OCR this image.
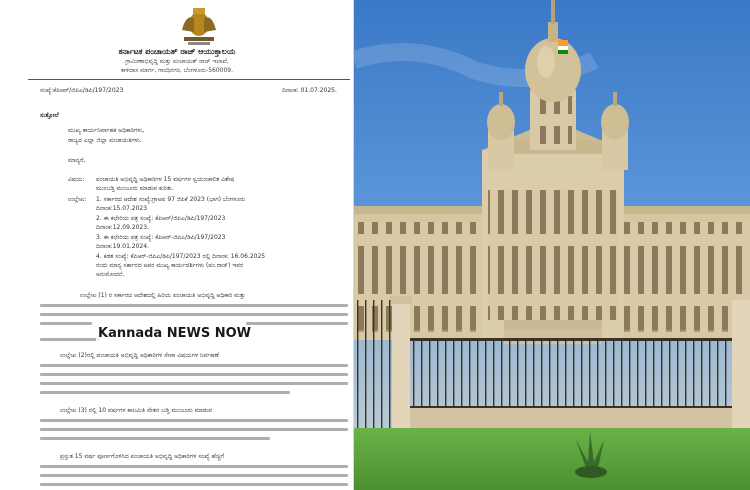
ಕರ್ನಾಟಕ ಪಂಚಾಯತ್ ರಾಜ್ ಆಯುಕ್ತಾಲಯ
ಗ್ರಾಮೀಣಾಭಿವೃದ್ಧಿ ಮತ್ತು ಪಂಚಾಯತ್ ರಾಜ್ ಇಲಾಖೆ,
ಕಾಳಿದಾಸ ಮಾರ್ಗ, ಗಾಂಧಿನಗರ, ಬೆಂಗಳೂರು-560009.
ಸಂಖ್ಯೆ:ಕೆಪಿಆರ್/ಜಿಪಿಎ/ಡಿಪಿ/197/2023	ದಿನಾಂಕ: 01.07.2025.
ಸುತ್ತೋಲೆ
ಮುಖ್ಯ ಕಾರ್ಯನಿರ್ವಾಹಕ ಅಧಿಕಾರಿಗಳು,
ರಾಜ್ಯದ ಎಲ್ಲಾ ಜಿಲ್ಲಾ ಪಂಚಾಯತಿಗಳು.
ಮಾನ್ಯರೆ,
ವಿಷಯ: ಪಂಚಾಯತಿ ಅಭಿವೃದ್ಧಿ ಅಧಿಕಾರಿಗಳ 15 ವರ್ಷಗಳ ಸ್ವಯಂಚಾಲಿತ ವಿಶೇಷ
ಮುಂಬಡ್ತಿ ಮಂಜೂರು ಮಾಡುವ ಕುರಿತು.
ಉಲ್ಲೇಖ: 1. ಸರ್ಕಾರದ ಆದೇಶ ಸಂಖ್ಯೆ:ಗ್ರಾಅಪ 97 ಜಿಪಿಕೆ 2023 (ಭಾಗ) ಬೆಂಗಳೂರು
ದಿನಾಂಕ:15.07.2023
2. ಈ ಕಛೇರಿಯ ಪತ್ರ ಸಂಖ್ಯೆ: ಕೆಪಿಆರ್/ಜಿಪಿಎ/ಡಿಪಿ/197/2023
ದಿನಾಂಕ:12.09.2023.
3. ಈ ಕಛೇರಿಯ ಪತ್ರ ಸಂಖ್ಯೆ: ಕೆಪಿಆರ್-ಜಿಪಿಎ/ಡಿಪಿ/197/2023
ದಿನಾಂಕ:19.01.2024.
4. ಕಡತ ಸಂಖ್ಯೆ: ಕೆಪಿಆರ್-ಜಿಪಿಎ/ಡಿಪಿ/197/2023 ರಲ್ಲಿ ದಿನಾಂಕ: 16.06.2025
ರಂದು ಮಾನ್ಯ ಸರ್ಕಾರದ ಅಪರ ಮುಖ್ಯ ಕಾರ್ಯದರ್ಶಿಗಳು (ಪಂ.ರಾಜ್) ಇವರ
ಅನುಮೋದನೆ.
ಉಲ್ಲೇಖ (1) ರ ಸರ್ಕಾರದ ಆದೇಶದಲ್ಲಿ ಹಿರಿಯ ಪಂಚಾಯತಿ ಅಭಿವೃದ್ಧಿ ಅಧಿಕಾರಿ ಮತ್ತು
Kannada NEWS NOW
ಉಲ್ಲೇಖ (2)ರಲ್ಲಿ ಪಂಚಾಯತಿ ಅಭಿವೃದ್ಧಿ ಅಧಿಕಾರಿಗಳ ಸೇವಾ ವಿಷಯಗಳ ನಿರ್ವಹಣೆ
ಉಲ್ಲೇಖ (3) ರಲ್ಲಿ 10 ವರ್ಷಗಳ ಕಾಲಮಿತಿ ವೇತನ ಬಡ್ತಿ ಮಂಜೂರು ಮಾಡುವ
ಪ್ರಸ್ತುತ 15 ವರ್ಷ ಪೂರ್ಣಗೊಳಿಸಿದ ಪಂಚಾಯತಿ ಅಭಿವೃದ್ಧಿ ಅಧಿಕಾರಿಗಳ ಸಂಖ್ಯೆ ಹೆಚ್ಚಿಗೆ
